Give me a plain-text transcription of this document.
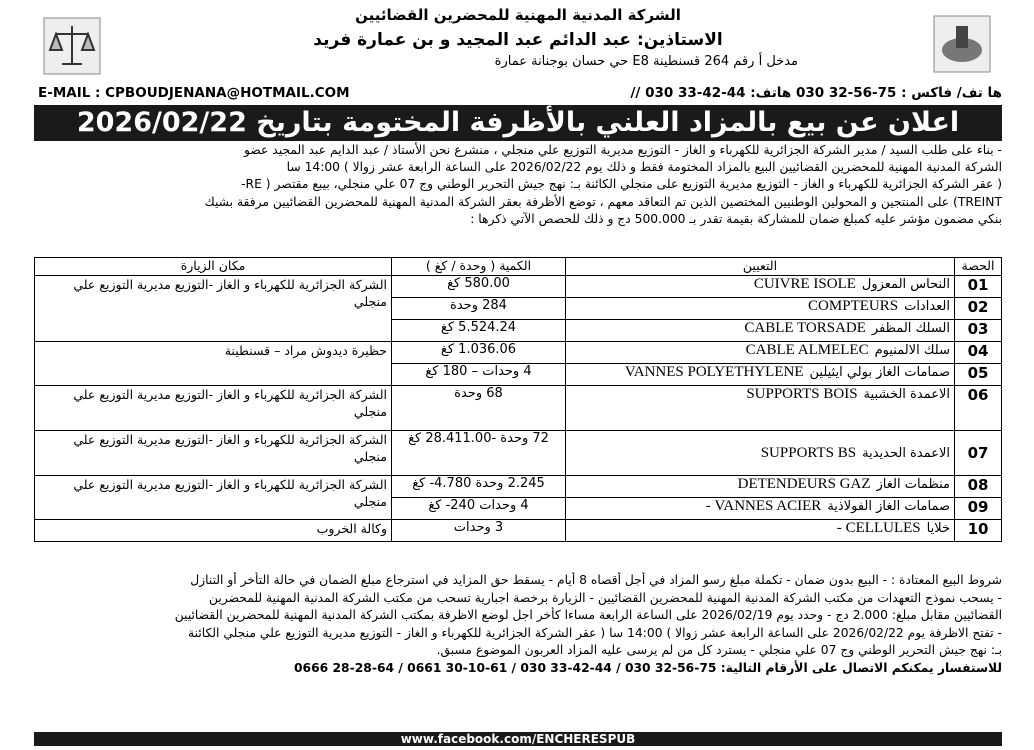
الشركة المدنية المهنية للمحضرين القضائيين
الاستاذين: عبد الدائم عبد المجيد و بن عمارة فريد
مدخل أ رقم 264 قسنطينة E8 حي حسان بوجنانة عمارة
E-MAIL : CPBOUDJENANA@HOTMAIL.COM	ها تف/ فاكس : 75-56-32 030 هاتف: 44-42-33 030 //
اعلان عن بيع بالمزاد العلني بالأظرفة المختومة بتاريخ 2026/02/22

- بناء على طلب السيد / مدير الشركة الجزائرية للكهرباء و الغاز - التوزيع مديرية التوزيع علي منجلي ، منشرع نحن الأستاذ / عبد الدايم عبد المجيد عضو

الشركة المدنية المهنية للمحضرين القضائيين البيع بالمزاد المختومة فقط و ذلك يوم 2026/02/22 على الساعة الرابعة عشر زوالا ) 14:00 سا

( عقر الشركة الجزائرية للكهرباء و الغاز - التوزيع مديرية التوزيع على منجلي الكائنة بـ: نهج جيش التحرير الوطني وج 07 علي منجلي، بيبع مقتصر ( RE-

TREINT) على المنتجين و المحولين الوطنيين المختصين الذين تم التعاقد معهم ، توضع الأظرفة بعقر الشركة المدنية المهنية للمحضرين القضائيين مرفقة بشيك

بنكي مضمون مؤشر عليه كمبلغ ضمان للمشاركة بقيمة تقدر بـ 500.000 دج و ذلك للحصص الآتي ذكرها :

الحصة	التعيين	الكمية ( وحدة / كغ )	مكان الزيارة
01	النحاس المعزولCUIVRE ISOLE	580.00 كغ	الشركة الجزائرية للكهرباء و الغاز -التوزيع مديرية التوزيع علي منجلي
02	العداداتCOMPTEURS	284 وحدة	
03	السلك المظفرCABLE TORSADE	5.524.24 كغ	
04	سلك الالمنيومCABLE ALMELEC	1.036.06 كغ	حظيرة ديدوش مراد – قسنطينة
05	صمامات الغاز بولي ايثيلينVANNES POLYETHYLENE	4 وحدات – 180 كغ	
06	الاعمدة الخشبيةSUPPORTS BOIS	68 وحدة	الشركة الجزائرية للكهرباء و الغاز -التوزيع مديرية التوزيع علي منجلي
07	الاعمدة الحديديةSUPPORTS BS	72 وحدة -28.411.00 كغ	الشركة الجزائرية للكهرباء و الغاز -التوزيع مديرية التوزيع علي منجلي
08	منظمات الغازDETENDEURS GAZ	2.245 وحدة 4.780- كغ	الشركة الجزائرية للكهرباء و الغاز -التوزيع مديرية التوزيع علي منجلي
09	صمامات الغاز الفولاذيةVANNES ACIER -	4 وحدات 240- كغ	
10	خلاياCELLULES -	3 وحدات	وكالة الخروب

شروط البيع المعتادة : - البيع بدون ضمان - تكملة مبلغ رسو المزاد في أجل أقصاه 8 أيام - يسقط حق المزايد في استرجاع مبلغ الضمان في حالة التأخر أو التنازل

- يسحب نموذج التعهدات من مكتب الشركة المدنية المهنية للمحضرين القضائيين - الزيارة برخصة اجبارية تسحب من مكتب الشركة المدنية المهنية للمحضرين

القضائيين مقابل مبلغ: 2.000 دج - وحدد يوم 2026/02/19 على الساعة الرابعة مساءا كأخر اجل لوضع الاظرفة بمكتب الشركة المدنية المهنية للمحضرين القضائيين

- تفتح الاظرفة يوم 2026/02/22 على الساعة الرابعة عشر زوالا ) 14:00 سا ( عقر الشركة الجزائرية للكهرباء و الغاز - التوزيع مديرية التوزيع علي منجلي الكائنة

بـ: نهج جيش التحرير الوطني وج 07 علي منجلي - يسترد كل من لم يرسى عليه المزاد العربون الموضوع مسبق.

للاستفسار يمكنكم الاتصال على الأرقام التالية: 75-56-32 030 / 44-42-33 030 / 61-10-30 0661 / 64-28-28 0666

www.facebook.com/ENCHERESPUB
